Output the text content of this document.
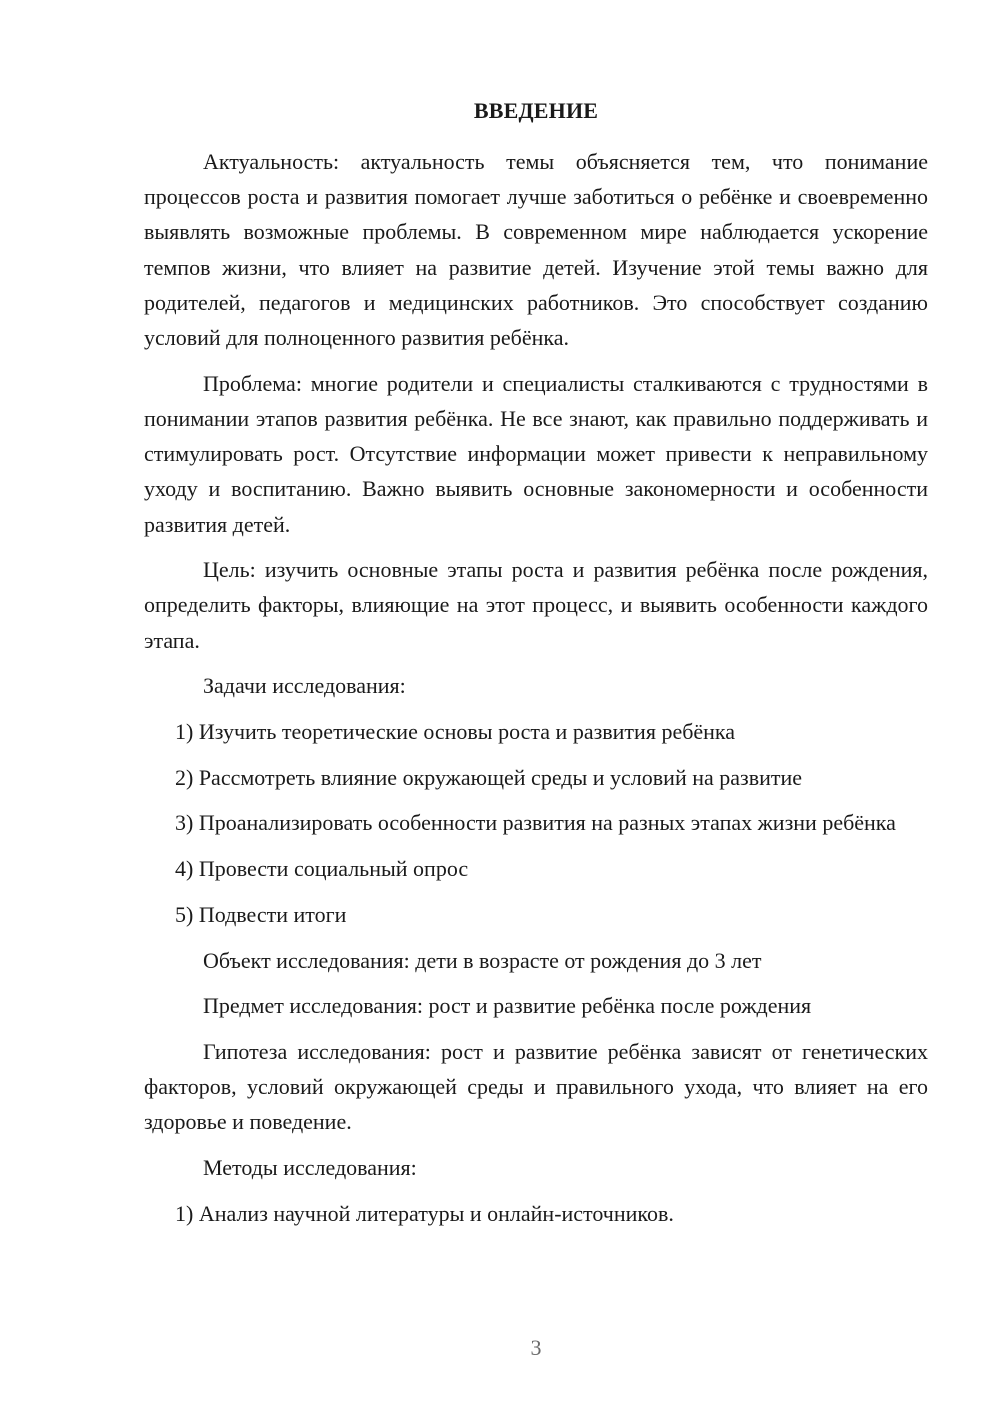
ВВЕДЕНИЕ

Актуальность: актуальность темы объясняется тем, что понимание процессов роста и развития помогает лучше заботиться о ребёнке и своевременно выявлять возможные проблемы. В современном мире наблюдается ускорение темпов жизни, что влияет на развитие детей. Изучение этой темы важно для родителей, педагогов и медицинских работников. Это способствует созданию условий для полноценного развития ребёнка.

Проблема: многие родители и специалисты сталкиваются с трудностями в понимании этапов развития ребёнка. Не все знают, как правильно поддерживать и стимулировать рост. Отсутствие информации может привести к неправильному уходу и воспитанию. Важно выявить основные закономерности и особенности развития детей.

Цель: изучить основные этапы роста и развития ребёнка после рождения, определить факторы, влияющие на этот процесс, и выявить особенности каждого этапа.

Задачи исследования:

1) Изучить теоретические основы роста и развития ребёнка

2) Рассмотреть влияние окружающей среды и условий на развитие

3) Проанализировать особенности развития на разных этапах жизни ребёнка

4) Провести социальный опрос

5) Подвести итоги

Объект исследования: дети в возрасте от рождения до 3 лет

Предмет исследования: рост и развитие ребёнка после рождения

Гипотеза исследования: рост и развитие ребёнка зависят от генетических факторов, условий окружающей среды и правильного ухода, что влияет на его здоровье и поведение.

Методы исследования:

1) Анализ научной литературы и онлайн-источников.

3
